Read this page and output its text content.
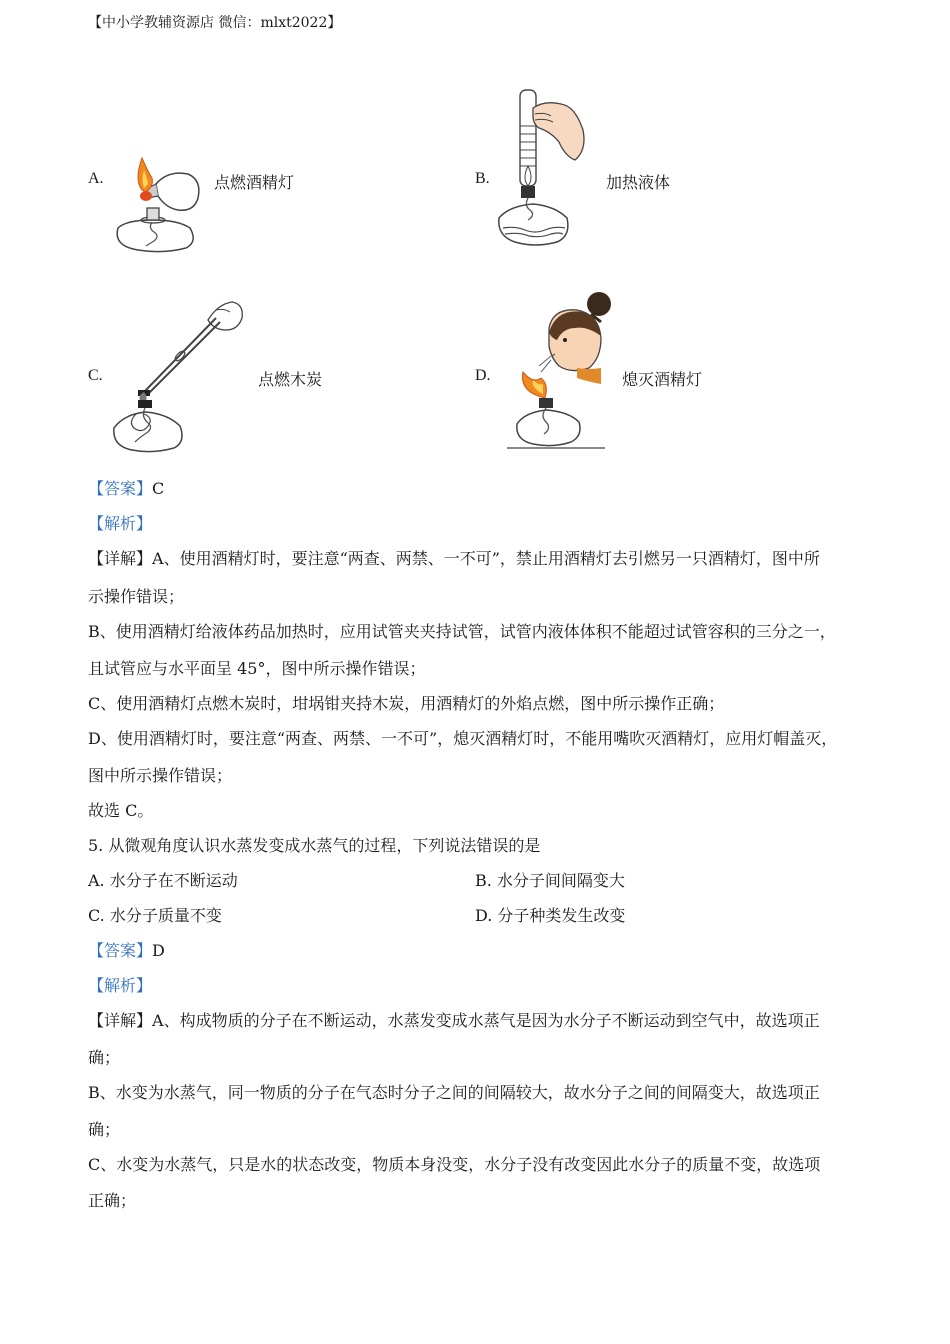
【中小学教辅资源店 微信：mlxt2022】
A.	点燃酒精灯	B.	加热液体
C.	点燃木炭	D.	熄灭酒精灯
【答案】C
【解析】
【详解】A、使用酒精灯时，要注意“两查、两禁、一不可”，禁止用酒精灯去引燃另一只酒精灯，图中所
示操作错误；
B、使用酒精灯给液体药品加热时，应用试管夹夹持试管，试管内液体体积不能超过试管容积的三分之一，
且试管应与水平面呈 45°，图中所示操作错误；
C、使用酒精灯点燃木炭时，坩埚钳夹持木炭，用酒精灯的外焰点燃，图中所示操作正确；
D、使用酒精灯时，要注意“两查、两禁、一不可”，熄灭酒精灯时，不能用嘴吹灭酒精灯，应用灯帽盖灭，
图中所示操作错误；
故选 C。
5. 从微观角度认识水蒸发变成水蒸气的过程，下列说法错误的是
A. 水分子在不断运动	B. 水分子间间隔变大
C. 水分子质量不变	D. 分子种类发生改变
【答案】D
【解析】
【详解】A、构成物质的分子在不断运动，水蒸发变成水蒸气是因为水分子不断运动到空气中，故选项正
确；
B、水变为水蒸气，同一物质的分子在气态时分子之间的间隔较大，故水分子之间的间隔变大，故选项正
确；
C、水变为水蒸气，只是水的状态改变，物质本身没变，水分子没有改变因此水分子的质量不变，故选项
正确；
